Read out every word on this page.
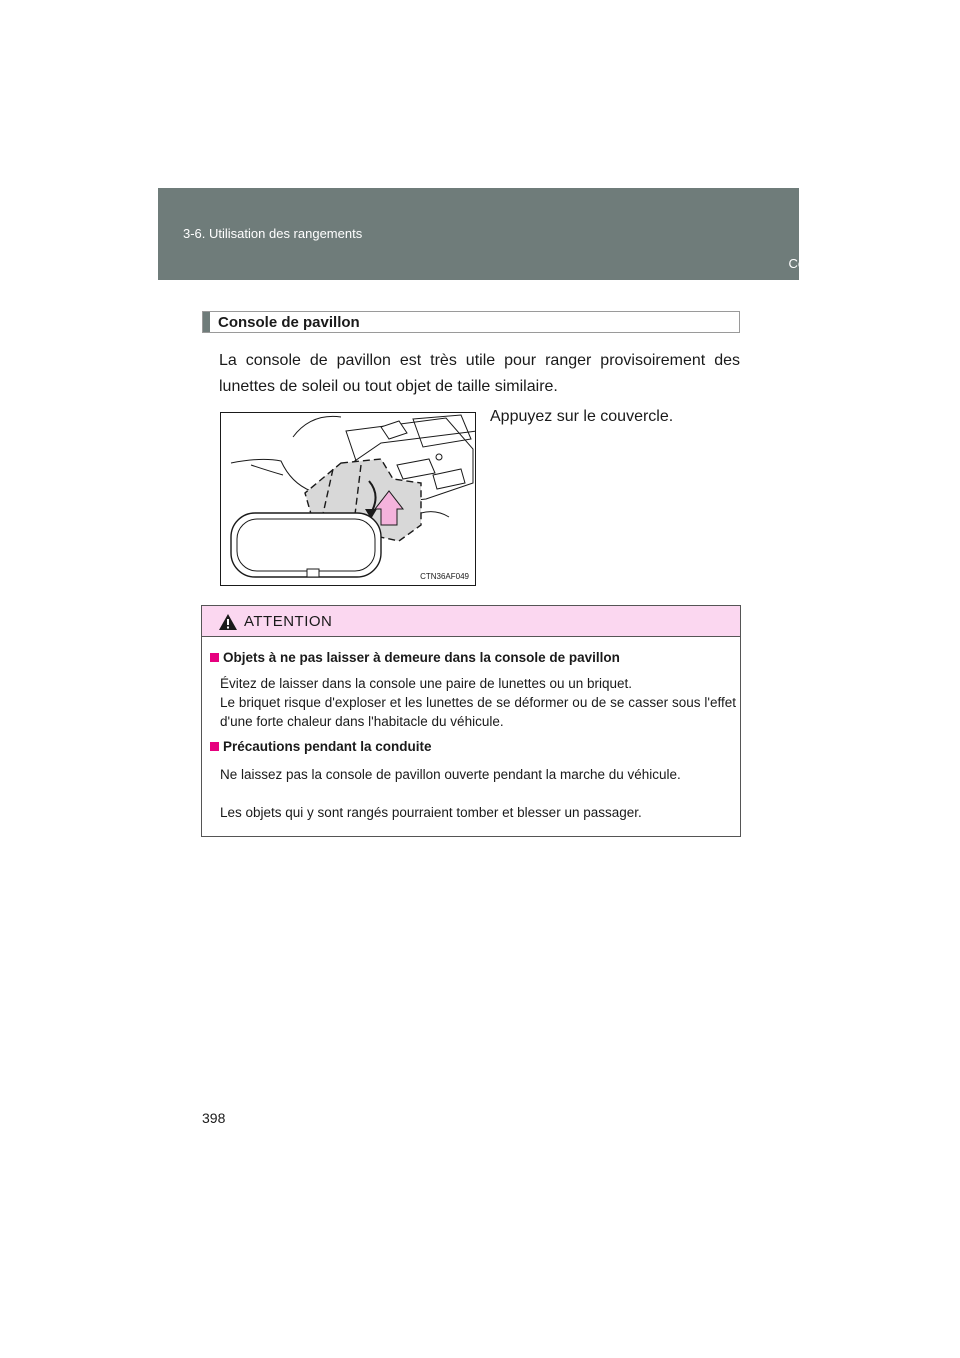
3-6. Utilisation des rangements
Console de pavillon
Console de pavillon
La console de pavillon est très utile pour ranger provisoirement des lunettes de soleil ou tout objet de taille similaire.
CTN36AF049
Appuyez sur le couvercle.
ATTENTION
Objets à ne pas laisser à demeure dans la console de pavillon
Évitez de laisser dans la console une paire de lunettes ou un briquet.
Le briquet risque d'exploser et les lunettes de se déformer ou de se casser sous l'effet d'une forte chaleur dans l'habitacle du véhicule.
Précautions pendant la conduite
Ne laissez pas la console de pavillon ouverte pendant la marche du véhicule.
Les objets qui y sont rangés pourraient tomber et blesser un passager.
398
